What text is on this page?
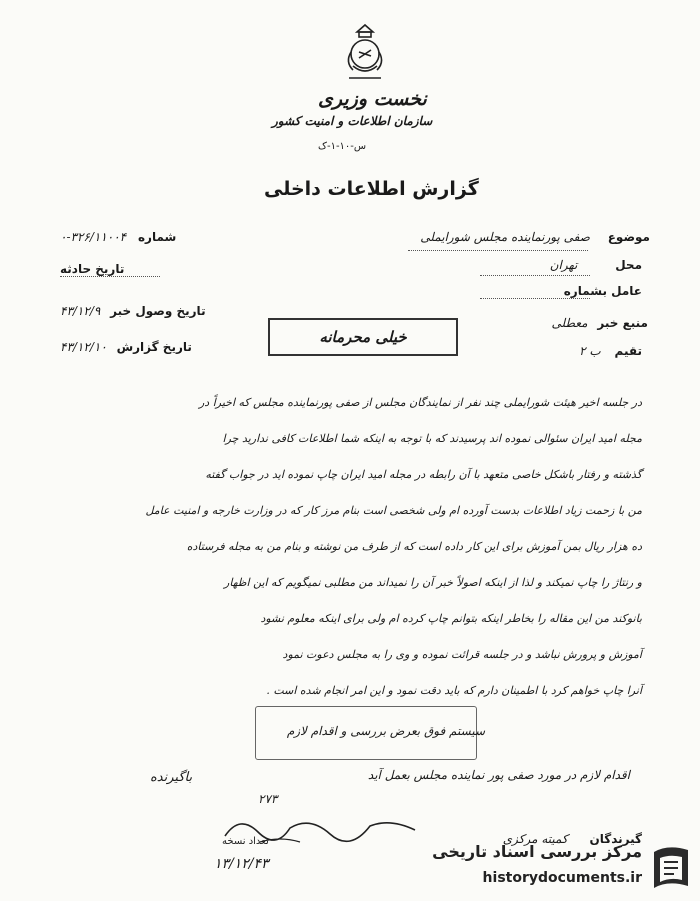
نخست وزیری
سازمان اطلاعات و امنیت کشور
س-۱۰-۱-ک
گزارش اطلاعات داخلی
موضوع صفی پورنماینده مجلس شورایملی
محل تهران
عامل بشماره
منبع خبر معطلی
تقیم ب ۲
شماره ۳۲۶/۱۱۰۰۴-۰
تاریخ حادثه
تاریخ وصول خبر ۴۳/۱۲/۹
تاریخ گزارش ۴۳/۱۲/۱۰
خیلی محرمانه
در جلسه اخیر هیئت شورایملی چند نفر از نمایندگان مجلس از صفی پورنماینده مجلس که اخیراً در
مجله امید ایران سئوالی نموده اند پرسیدند که با توجه به اینکه شما اطلاعات کافی ندارید چرا
گذشته و رفتار باشکل خاصی متعهد با آن رابطه در مجله امید ایران چاپ نموده اید در جواب گفته
من با زحمت زیاد اطلاعات بدست آورده ام ولی شخصی است بنام مرز کار که در وزارت خارجه و امنیت عامل
ده هزار ریال بمن آموزش برای این کار داده است که از طرف من نوشته و بنام من به مجله فرستاده
و رنتاژ را چاپ نمیکند و لذا از اینکه اصولاً خبر آن را نمیداند من مطلبی نمیگویم که این اظهار
بانوکند من این مقاله را بخاطر اینکه بتوانم چاپ کرده ام ولی برای اینکه معلوم نشود
آموزش و پرورش نباشد و در جلسه قرائت نموده و وی را به مجلس دعوت نمود
آنرا چاپ خواهم کرد با اطمینان دارم که باید دقت نمود و این امر انجام شده است .
سیستم فوق بعرض بررسی و اقدام لازم
اقدام لازم در مورد صفی پور نماینده مجلس بعمل آید
باگیرنده
۲۷۳
گیرندگان کمیته مرکزی
تعداد نسخه
۱۳/۱۲/۴۳
مرکز بررسی اسناد تاریخی
historydocuments.ir
